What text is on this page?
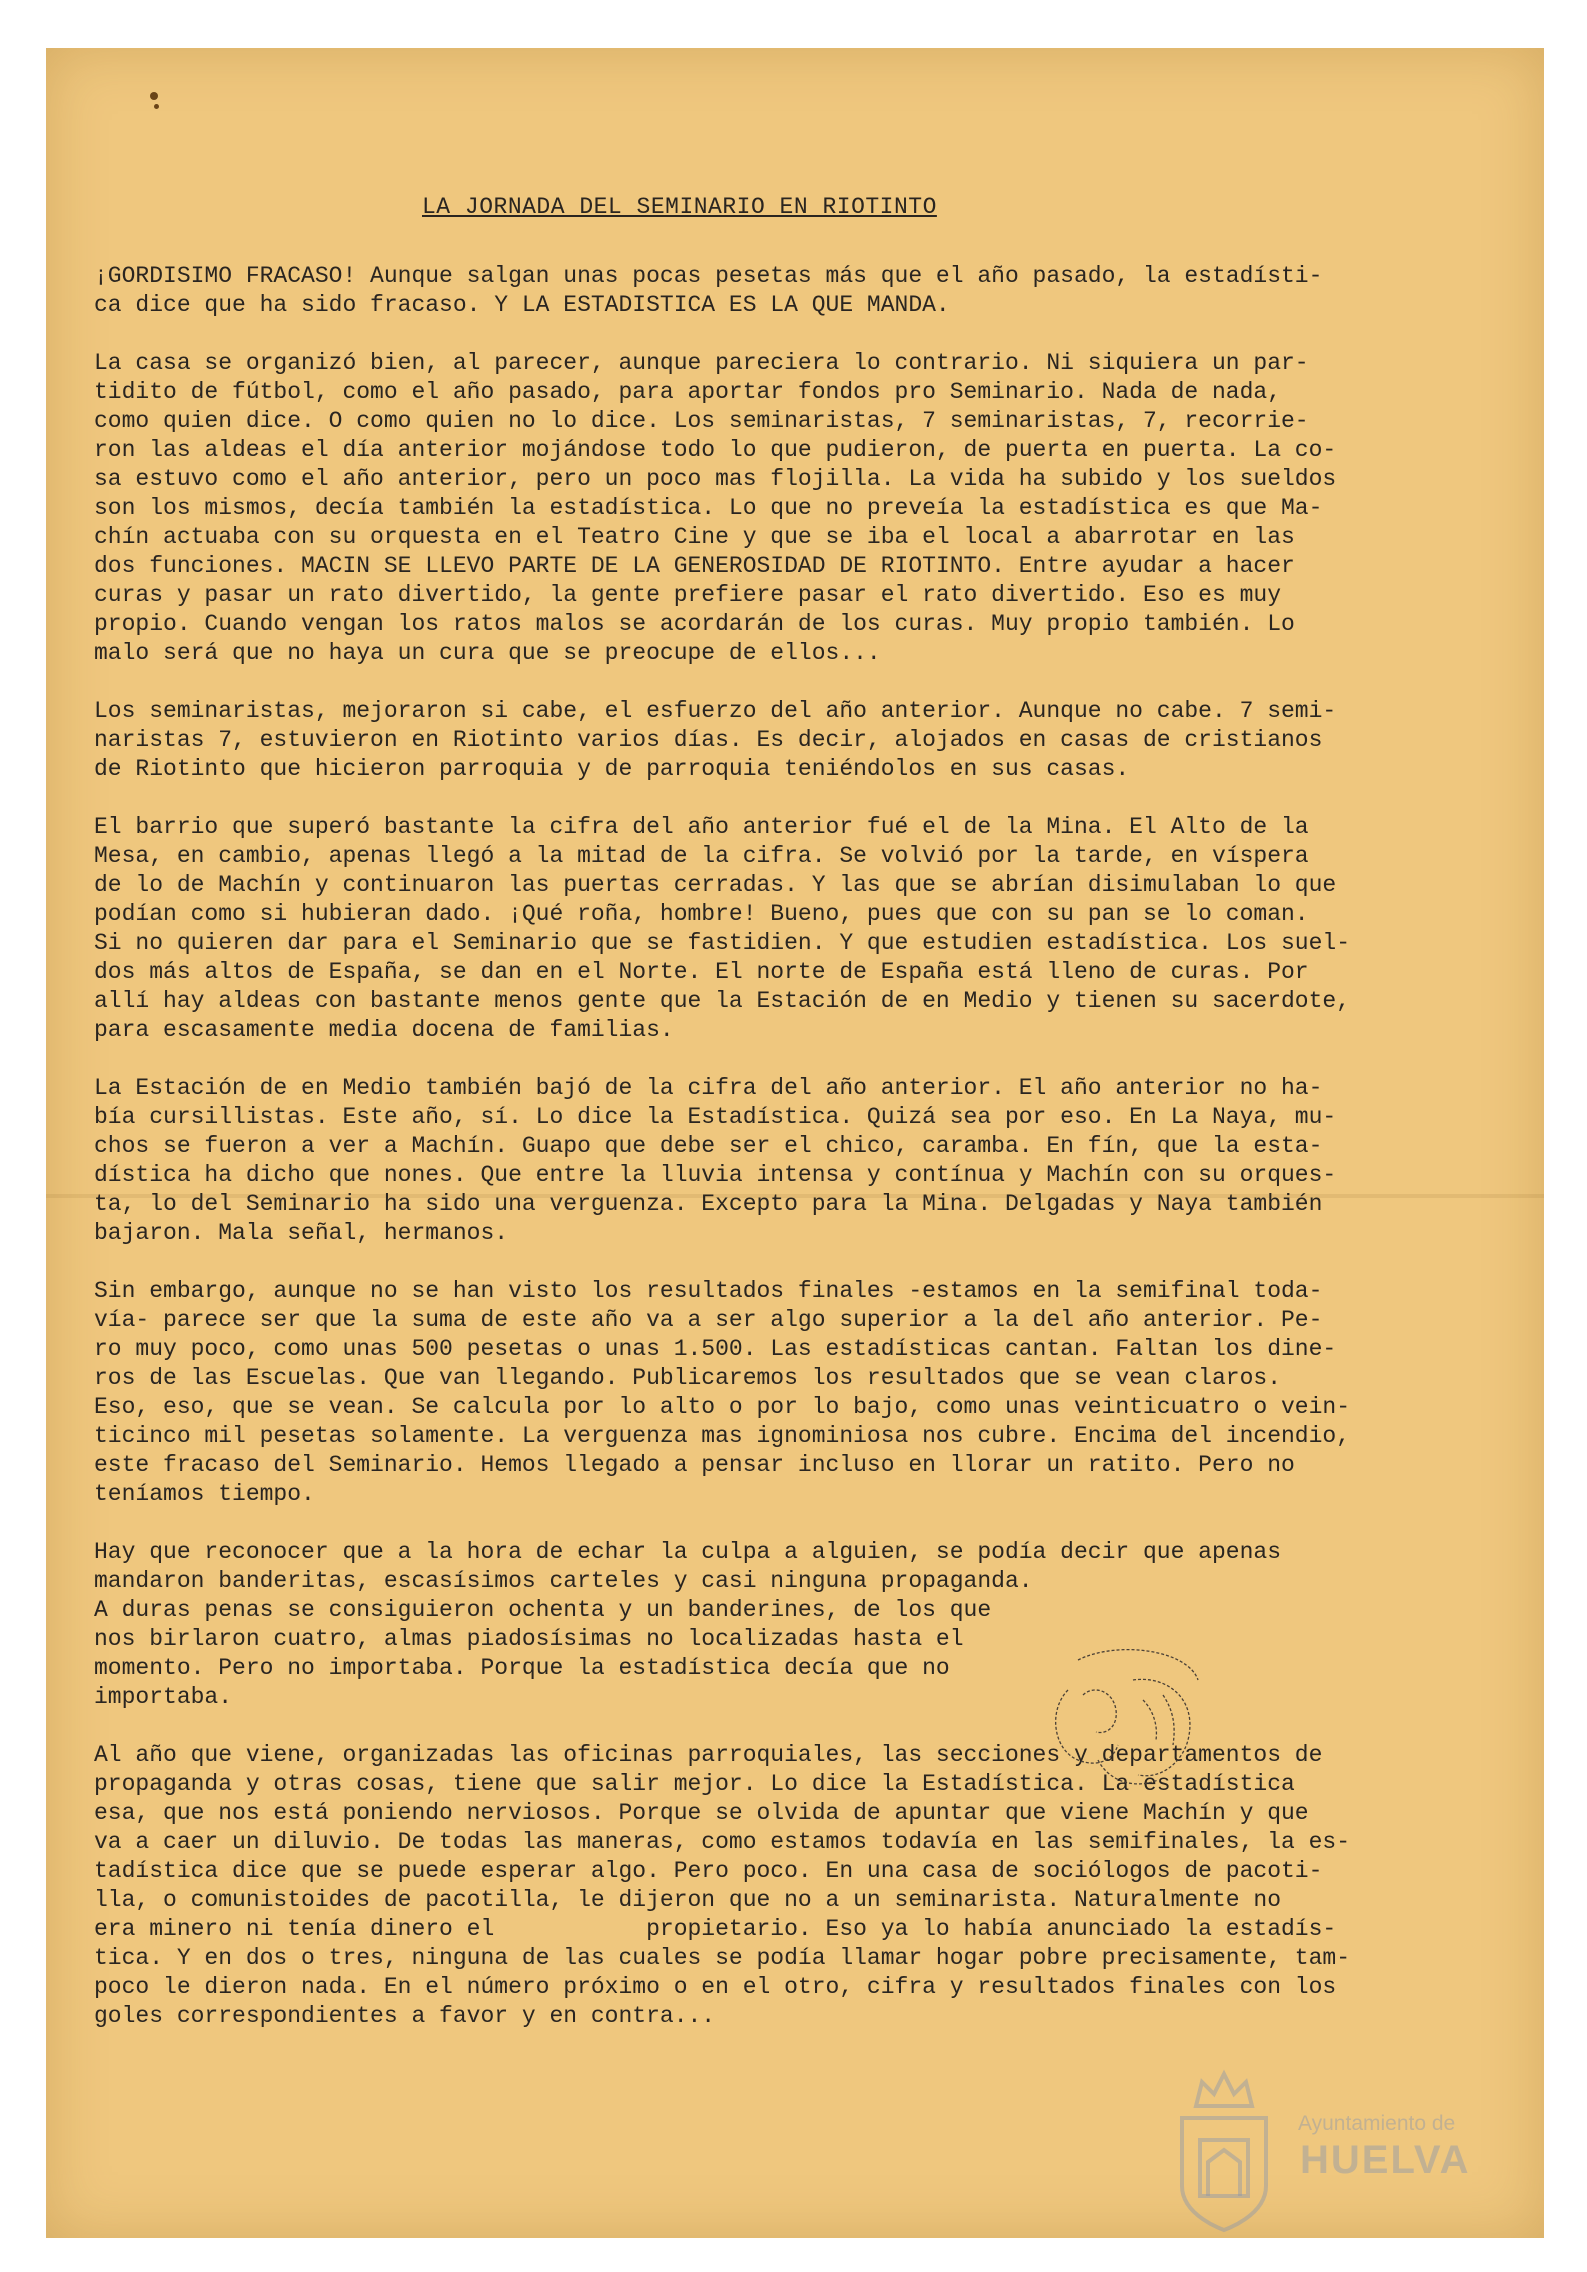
LA JORNADA DEL SEMINARIO EN RIOTINTO
¡GORDISIMO FRACASO! Aunque salgan unas pocas pesetas más que el año pasado, la estadísti-
ca dice que ha sido fracaso. Y LA ESTADISTICA ES LA QUE MANDA.
La casa se organizó bien, al parecer, aunque pareciera lo contrario. Ni siquiera un par-
tidito de fútbol, como el año pasado, para aportar fondos pro Seminario. Nada de nada,
como quien dice. O como quien no lo dice. Los seminaristas, 7 seminaristas, 7, recorrie-
ron las aldeas el día anterior mojándose todo lo que pudieron, de puerta en puerta. La co-
sa estuvo como el año anterior, pero un poco mas flojilla. La vida ha subido y los sueldos
son los mismos, decía también la estadística. Lo que no preveía la estadística es que Ma-
chín actuaba con su orquesta en el Teatro Cine y que se iba el local a abarrotar en las
dos funciones. MACIN SE LLEVO PARTE DE LA GENEROSIDAD DE RIOTINTO. Entre ayudar a hacer
curas y pasar un rato divertido, la gente prefiere pasar el rato divertido. Eso es muy
propio. Cuando vengan los ratos malos se acordarán de los curas. Muy propio también. Lo
malo será que no haya un cura que se preocupe de ellos...
Los seminaristas, mejoraron si cabe, el esfuerzo del año anterior. Aunque no cabe. 7 semi-
naristas 7, estuvieron en Riotinto varios días. Es decir, alojados en casas de cristianos
de Riotinto que hicieron parroquia y de parroquia teniéndolos en sus casas.
El barrio que superó bastante la cifra del año anterior fué el de la Mina. El Alto de la
Mesa, en cambio, apenas llegó a la mitad de la cifra. Se volvió por la tarde, en víspera
de lo de Machín y continuaron las puertas cerradas. Y las que se abrían disimulaban lo que
podían como si hubieran dado. ¡Qué roña, hombre! Bueno, pues que con su pan se lo coman.
Si no quieren dar para el Seminario que se fastidien. Y que estudien estadística. Los suel-
dos más altos de España, se dan en el Norte. El norte de España está lleno de curas. Por
allí hay aldeas con bastante menos gente que la Estación de en Medio y tienen su sacerdote,
para escasamente media docena de familias.
La Estación de en Medio también bajó de la cifra del año anterior. El año anterior no ha-
bía cursillistas. Este año, sí. Lo dice la Estadística. Quizá sea por eso. En La Naya, mu-
chos se fueron a ver a Machín. Guapo que debe ser el chico, caramba. En fín, que la esta-
dística ha dicho que nones. Que entre la lluvia intensa y contínua y Machín con su orques-
ta, lo del Seminario ha sido una verguenza. Excepto para la Mina. Delgadas y Naya también
bajaron. Mala señal, hermanos.
Sin embargo, aunque no se han visto los resultados finales -estamos en la semifinal toda-
vía- parece ser que la suma de este año va a ser algo superior a la del año anterior. Pe-
ro muy poco, como unas 500 pesetas o unas 1.500. Las estadísticas cantan. Faltan los dine-
ros de las Escuelas. Que van llegando. Publicaremos los resultados que se vean claros.
Eso, eso, que se vean. Se calcula por lo alto o por lo bajo, como unas veinticuatro o vein-
ticinco mil pesetas solamente. La verguenza mas ignominiosa nos cubre. Encima del incendio,
este fracaso del Seminario. Hemos llegado a pensar incluso en llorar un ratito. Pero no
teníamos tiempo.
Hay que reconocer que a la hora de echar la culpa a alguien, se podía decir que apenas
mandaron banderitas, escasísimos carteles y casi ninguna propaganda.
A duras penas se consiguieron ochenta y un banderines, de los que
nos birlaron cuatro, almas piadosísimas no localizadas hasta el
momento. Pero no importaba. Porque la estadística decía que no
importaba.
Al año que viene, organizadas las oficinas parroquiales, las secciones y departamentos de
propaganda y otras cosas, tiene que salir mejor. Lo dice la Estadística. La estadística
esa, que nos está poniendo nerviosos. Porque se olvida de apuntar que viene Machín y que
va a caer un diluvio. De todas las maneras, como estamos todavía en las semifinales, la es-
tadística dice que se puede esperar algo. Pero poco. En una casa de sociólogos de pacoti-
lla, o comunistoides de pacotilla, le dijeron que no a un seminarista. Naturalmente no
era minero ni tenía dinero el           propietario. Eso ya lo había anunciado la estadís-
tica. Y en dos o tres, ninguna de las cuales se podía llamar hogar pobre precisamente, tam-
poco le dieron nada. En el número próximo o en el otro, cifra y resultados finales con los
goles correspondientes a favor y en contra...
Ayuntamiento de
HUELVA
